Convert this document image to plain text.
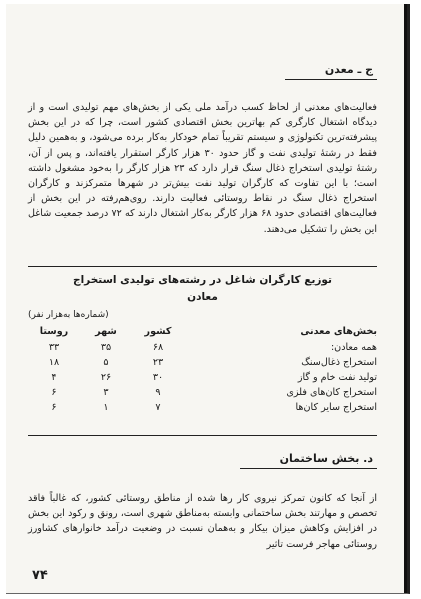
ج ـ معدن
فعالیت‌های معدنی از لحاظ کسب درآمد ملی یکی از بخش‌های مهم تولیدی است و از دیدگاه اشتغال کارگری کم بهاترین بخش اقتصادی کشور است، چرا که در این بخش پیشرفته‌ترین تکنولوژی و سیستم تقریباً تمام خودکار به‌کار برده می‌شود، و به‌همین دلیل فقط در رشتهٔ تولیدی نفت و گاز حدود ۳۰ هزار کارگر استقرار یافته‌اند، و پس از آن، رشتهٔ تولیدی استخراج ذغال سنگ قرار دارد که ۲۳ هزار کارگر را به‌خود مشغول داشته است؛ با این تفاوت که کارگران تولید نفت بیش‌تر در شهرها متمرکزند و کارگران استخراج ذغال سنگ در نقاط روستائی فعالیت دارند. روی‌هم‌رفته در این بخش از فعالیت‌های اقتصادی حدود ۶۸ هزار کارگر به‌کار اشتغال دارند که ۷۲ درصد جمعیت شاغل این بخش را تشکیل می‌دهند.
توزیع کارگران شاغل در رشته‌های تولیدی استخراج
معادن
(شماره‌ها به‌هزار نفر)
بخش‌های معدنی
کشور
شهر
روستا
همه معادن:
۶۸
۳۵
۳۳
استخراج ذغال‌سنگ
۲۳
۵
۱۸
تولید نفت خام و گاز
۳۰
۲۶
۴
استخراج کان‌های فلزی
۹
۳
۶
استخراج سایر کان‌ها
۷
۱
۶
د. بخش ساختمان
از آنجا که کانون تمرکز نیروی کار رها شده از مناطق روستائی کشور، که غالباً فاقد تخصص و مهارتند بخش ساختمانی وابسته به‌مناطق شهری است، رونق و رکود این بخش در افزایش وکاهش میزان بیکار و به‌همان نسبت در وضعیت درآمد خانوارهای کشاورز روستائی مهاجر فرست تاثیر
۷۴
